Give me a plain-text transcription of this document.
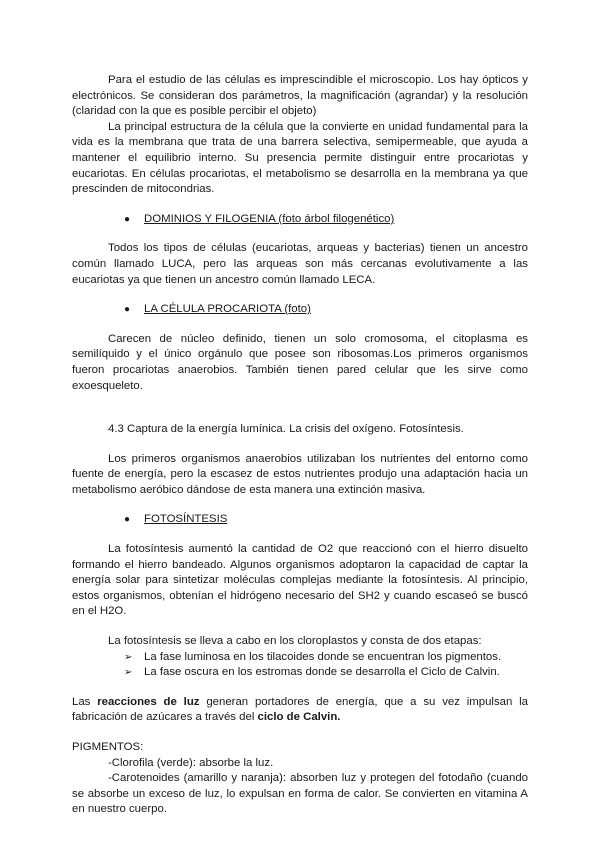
Para el estudio de las células es imprescindible el microscopio. Los hay ópticos y electrónicos. Se consideran dos parámetros, la magnificación (agrandar) y la resolución (claridad con la que es posible percibir el objeto)

La principal estructura de la célula que la convierte en unidad fundamental para la vida es la membrana que trata de una barrera selectiva, semipermeable, que ayuda a mantener el equilibrio interno. Su presencia permite distinguir entre procariotas y eucariotas. En células procariotas, el metabolismo se desarrolla en la membrana ya que prescinden de mitocondrias.

●	DOMINIOS Y FILOGENIA (foto árbol filogenético)

Todos los tipos de células (eucariotas, arqueas y bacterias) tienen un ancestro común llamado LUCA, pero las arqueas son más cercanas evolutivamente a las eucariotas ya que tienen un ancestro común llamado LECA.

●	LA CÉLULA PROCARIOTA (foto)

Carecen de núcleo definido, tienen un solo cromosoma, el citoplasma es semilíquido y el único orgánulo que posee son ribosomas.Los primeros organismos fueron procariotas anaerobios. También tienen pared celular que les sirve como exoesqueleto.

4.3 Captura de la energía lumínica. La crisis del oxígeno. Fotosíntesis.

Los primeros organismos anaerobios utilizaban los nutrientes del entorno como fuente de energía, pero la escasez de estos nutrientes produjo una adaptación hacia un metabolismo aeróbico dándose de esta manera una extinción masiva.

●	FOTOSÍNTESIS

La fotosíntesis aumentó la cantidad de O2 que reaccionó con el hierro disuelto formando el hierro bandeado. Algunos organismos adoptaron la capacidad de captar la energía solar para sintetizar moléculas complejas mediante la fotosíntesis. Al principio, estos organismos, obtenían el hidrógeno necesario del SH2 y cuando escaseó se buscó en el H2O.

La fotosíntesis se lleva a cabo en los cloroplastos y consta de dos etapas:

➢	La fase luminosa en los tilacoides donde se encuentran los pigmentos.
➢	La fase oscura en los estromas donde se desarrolla el Ciclo de Calvin.

Las reacciones de luz generan portadores de energía, que a su vez impulsan la fabricación de azúcares a través del ciclo de Calvin.

PIGMENTOS:

-Clorofila (verde): absorbe la luz.

-Carotenoides (amarillo y naranja): absorben luz y protegen del fotodaño (cuando se absorbe un exceso de luz, lo expulsan en forma de calor. Se convierten en vitamina A en nuestro cuerpo.
